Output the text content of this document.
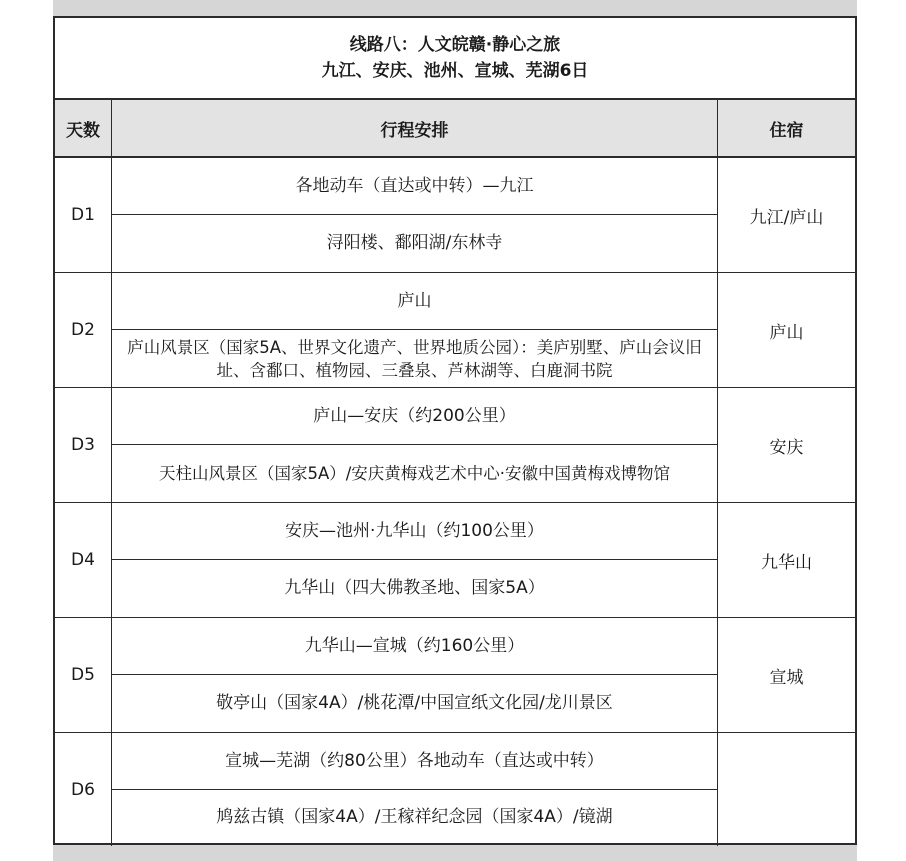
线路八：人文皖赣·静心之旅
九江、安庆、池州、宣城、芜湖6日
天数	行程安排	住宿
D1
各地动车（直达或中转）—九江
浔阳楼、鄱阳湖/东林寺
九江/庐山
D2
庐山
庐山风景区（国家5A、世界文化遗产、世界地质公园）：美庐别墅、庐山会议旧址、含鄱口、植物园、三叠泉、芦林湖等、白鹿洞书院
庐山
D3
庐山—安庆（约200公里）
天柱山风景区（国家5A）/安庆黄梅戏艺术中心·安徽中国黄梅戏博物馆
安庆
D4
安庆—池州·九华山（约100公里）
九华山（四大佛教圣地、国家5A）
九华山
D5
九华山—宣城（约160公里）
敬亭山（国家4A）/桃花潭/中国宣纸文化园/龙川景区
宣城
D6
宣城—芜湖（约80公里）各地动车（直达或中转）
鸠兹古镇（国家4A）/王稼祥纪念园（国家4A）/镜湖
